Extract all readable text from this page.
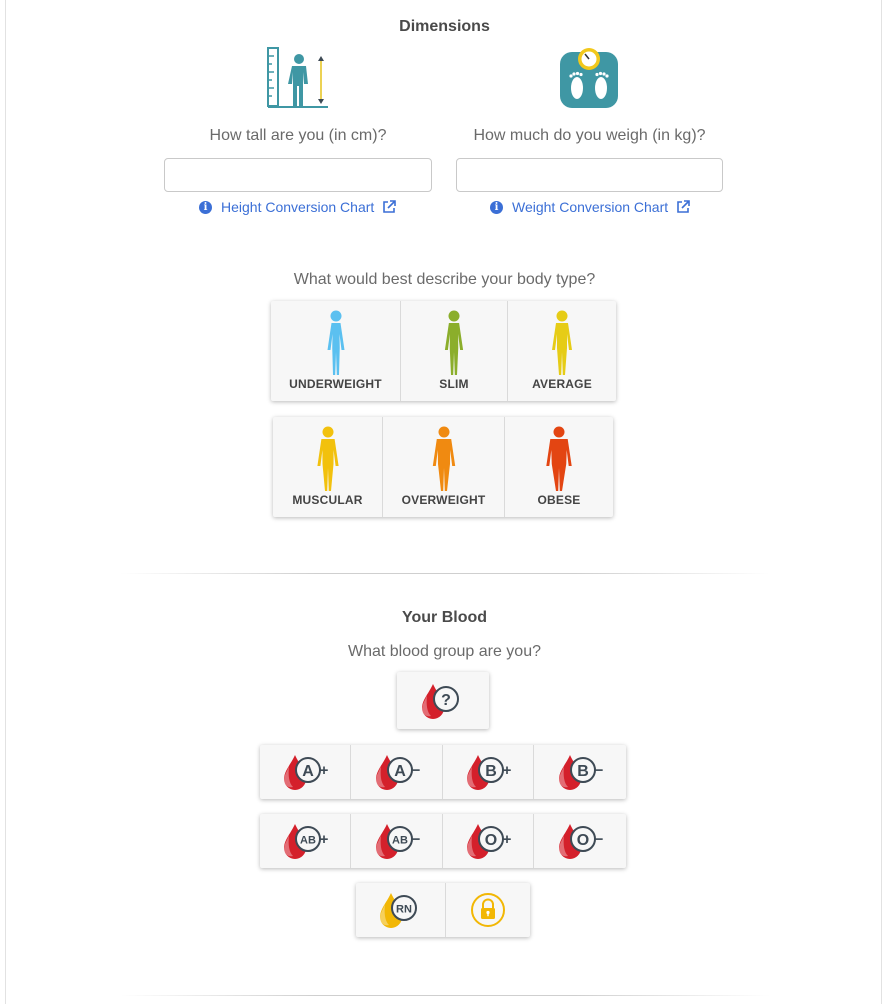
Dimensions
How tall are you (in cm)?	How much do you weigh (in kg)?
i Height Conversion Chart	i Weight Conversion Chart
What would best describe your body type?
UNDERWEIGHT	SLIM	AVERAGE
MUSCULAR	OVERWEIGHT	OBESE
Your Blood
What blood group are you?
?
A +	A −	B +	B −
AB +	AB −	O +	O −
RN
